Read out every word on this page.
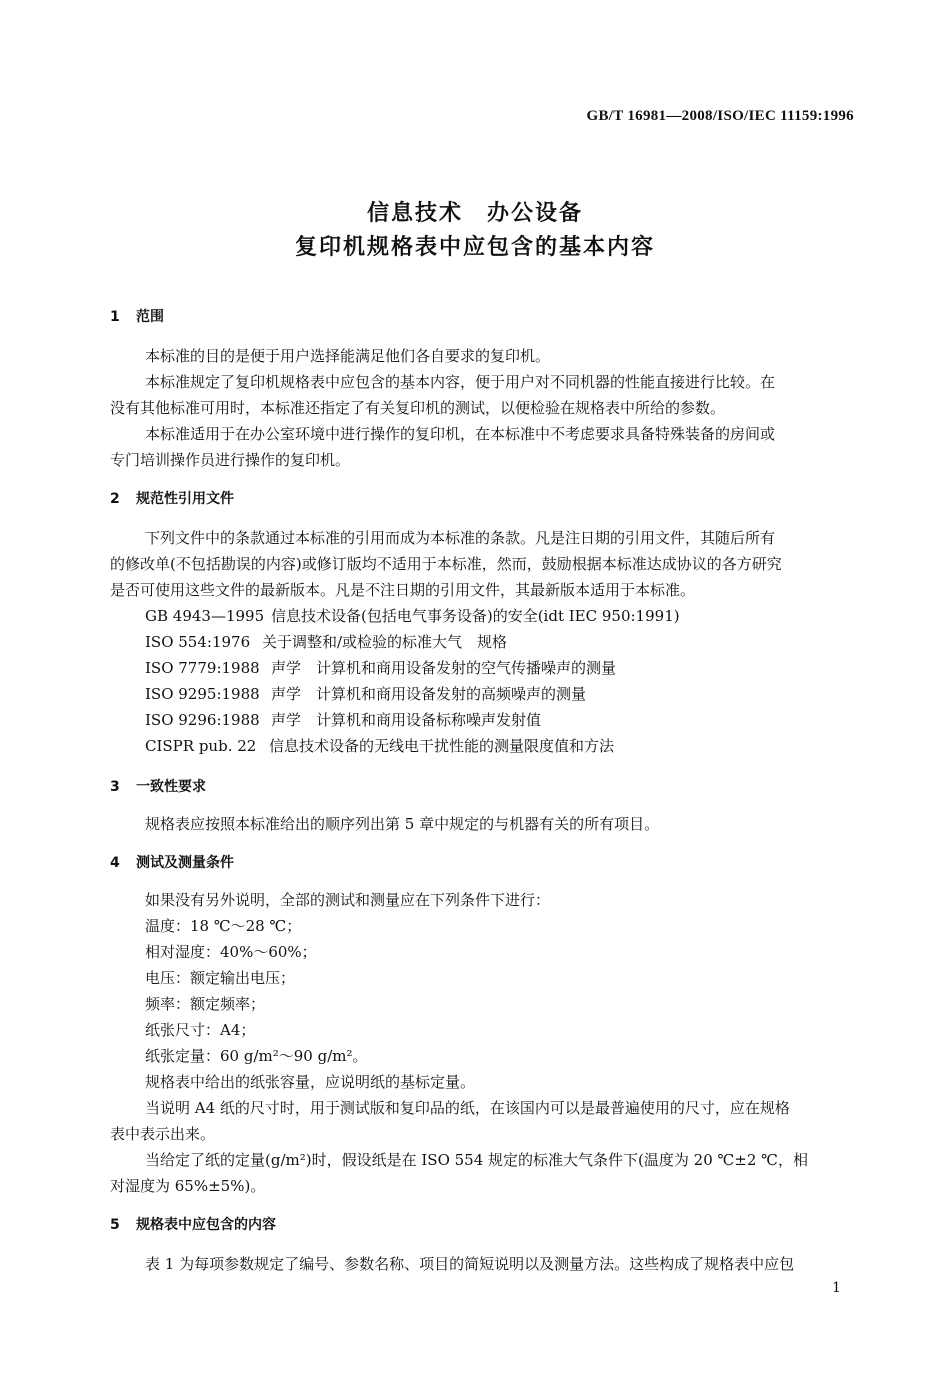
GB/T 16981—2008/ISO/IEC 11159:1996
信息技术　办公设备
复印机规格表中应包含的基本内容
1 范围
本标准的目的是便于用户选择能满足他们各自要求的复印机。
本标准规定了复印机规格表中应包含的基本内容，便于用户对不同机器的性能直接进行比较。在
没有其他标准可用时，本标准还指定了有关复印机的测试，以便检验在规格表中所给的参数。
本标准适用于在办公室环境中进行操作的复印机，在本标准中不考虑要求具备特殊装备的房间或
专门培训操作员进行操作的复印机。
2 规范性引用文件
下列文件中的条款通过本标准的引用而成为本标准的条款。凡是注日期的引用文件，其随后所有
的修改单(不包括勘误的内容)或修订版均不适用于本标准，然而，鼓励根据本标准达成协议的各方研究
是否可使用这些文件的最新版本。凡是不注日期的引用文件，其最新版本适用于本标准。
GB 4943—1995 信息技术设备(包括电气事务设备)的安全(idt IEC 950:1991)
ISO 554:1976 关于调整和/或检验的标准大气　规格
ISO 7779:1988 声学　计算机和商用设备发射的空气传播噪声的测量
ISO 9295:1988 声学　计算机和商用设备发射的高频噪声的测量
ISO 9296:1988 声学　计算机和商用设备标称噪声发射值
CISPR pub. 22 信息技术设备的无线电干扰性能的测量限度值和方法
3 一致性要求
规格表应按照本标准给出的顺序列出第 5 章中规定的与机器有关的所有项目。
4 测试及测量条件
如果没有另外说明，全部的测试和测量应在下列条件下进行：
温度：18 ℃～28 ℃；
相对湿度：40%～60%；
电压：额定输出电压；
频率：额定频率；
纸张尺寸：A4；
纸张定量：60 g/m²～90 g/m²。
规格表中给出的纸张容量，应说明纸的基标定量。
当说明 A4 纸的尺寸时，用于测试版和复印品的纸，在该国内可以是最普遍使用的尺寸，应在规格
表中表示出来。
当给定了纸的定量(g/m²)时，假设纸是在 ISO 554 规定的标准大气条件下(温度为 20 ℃±2 ℃，相
对湿度为 65%±5%)。
5 规格表中应包含的内容
表 1 为每项参数规定了编号、参数名称、项目的简短说明以及测量方法。这些构成了规格表中应包
1
